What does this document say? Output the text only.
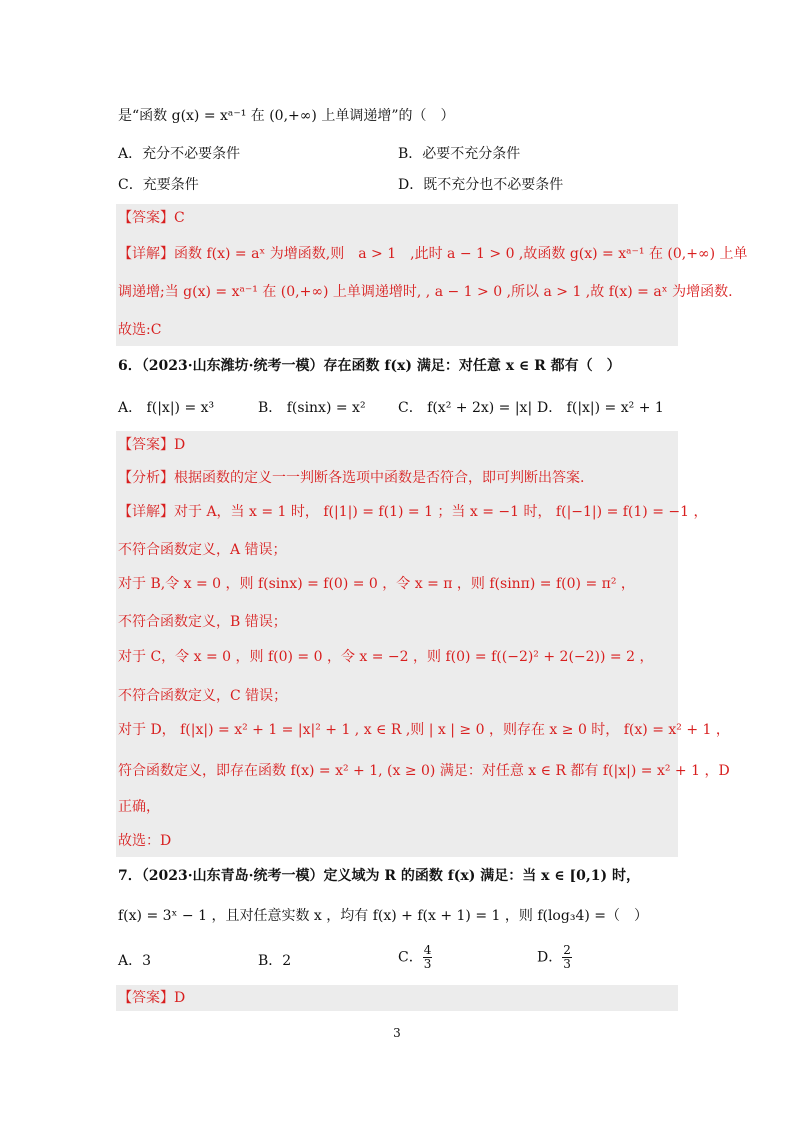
是“函数 g(x) = xᵃ⁻¹ 在 (0,+∞) 上单调递增”的（　）
A．充分不必要条件	B．必要不充分条件
C．充要条件	D．既不充分也不必要条件
【答案】C
【详解】函数 f(x) = aˣ 为增函数,则　a > 1　,此时 a − 1 > 0 ,故函数 g(x) = xᵃ⁻¹ 在 (0,+∞) 上单
调递增;当 g(x) = xᵃ⁻¹ 在 (0,+∞) 上单调递增时, , a − 1 > 0 ,所以 a > 1 ,故 f(x) = aˣ 为增函数.
故选:C
6．（2023·山东潍坊·统考一模）存在函数 f(x) 满足：对任意 x ∈ R 都有（　）
A． f(|x|) = x³	B． f(sinx) = x² C． f(x² + 2x) = |x| D． f(|x|) = x² + 1
【答案】D
【分析】根据函数的定义一一判断各选项中函数是否符合，即可判断出答案.
【详解】对于 A，当 x = 1 时， f(|1|) = f(1) = 1 ；当 x = −1 时， f(|−1|) = f(1) = −1 ，
不符合函数定义，A 错误；
对于 B,令 x = 0 ，则 f(sinx) = f(0) = 0 ，令 x = π ，则 f(sinπ) = f(0) = π² ，
不符合函数定义，B 错误；
对于 C，令 x = 0 ，则 f(0) = 0 ，令 x = −2 ，则 f(0) = f((−2)² + 2(−2)) = 2 ，
不符合函数定义，C 错误；
对于 D， f(|x|) = x² + 1 = |x|² + 1 , x ∈ R ,则 | x | ≥ 0 ，则存在 x ≥ 0 时， f(x) = x² + 1 ，
符合函数定义，即存在函数 f(x) = x² + 1, (x ≥ 0) 满足：对任意 x ∈ R 都有 f(|x|) = x² + 1 ，D
正确，
故选：D
7．（2023·山东青岛·统考一模）定义域为 R 的函数 f(x) 满足：当 x ∈ [0,1) 时，
f(x) = 3ˣ − 1 ，且对任意实数 x ，均有 f(x) + f(x + 1) = 1 ，则 f(log₃4) =（　）
A．3	B．2	C． $\frac{4}{3}$	D． $\frac{2}{3}$
【答案】D
3
